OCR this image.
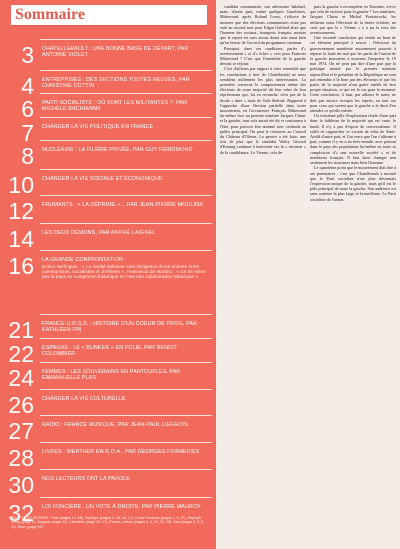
Sommaire
3 CHATELLERAULT : UNE BONNE BASE DE DÉPART, PAR ANTOINE VIOLET
4 ENTREPRISES : DES SECTIONS TOUTES NEUVES, PAR CHRISTINE COTTIN
6 PARTI SOCIALISTE : OÙ SONT LES MILITANTES ?, PAR MICHÈLE BACHMANN
7 CHANGER LA VIE POLITIQUE EN FRANCE
8 NUCLÉAIRE : LA FILIÈRE PRIVÉE, PAR GUY FERRIMOND
10 CHANGER LA VIE SOCIALE ET ÉCONOMIQUE
12 FRUMANTS : « LA DÉPRIME »... PAR JEAN-PIERRE MOULINS
14 LES DEUX DÉMONS, PAR ANDRÉ LAIGNEL
16 LA GRANDE CONFRONTATION :
Enrico Berlinguer : « La réalité italienne crée l'exigence d'une entente entre communistes, socialistes et chrétiens ». Francesco de Martino : « On ne mène pas le pays au compromis historique et c'est une collaboration historique »
21 FRANCE-U.R.S.S. : HISTOIRE D'UN COEUR DE PROG, PAR KATHLEEN FIN
22 ESPAGNE : LE « BUNKER » EN FOLIE, PAR BENOIT COLOMBIER
24 FEMMES : LES SOUVERAINS EN PANTOUFLES, PAR EMMANUELLE PLAS
26 CHANGER LA VIE CULTURELLE
27 RADIO : FRANCE MUSIQUE, PAR JEAN-PAUL LIEGEOIS
28 LIVRES : WERTHER EN R.D.A., PAR GEORGES FRAMERIES
30 NOS LECTEURS ONT LA PAROLE
32 LOI FONCIÈRE : UN VOTE À DROITE, PAR PIERRE MAUROY
PHOTOS ET DESSINS : Rôle (pages 14, 29), Tavillapé (pages 1, 15, 16, 17), Cruse Florence (pages 1, 9, 21), Raphaël Jenny (page 3), Magnum (page 13), Libération (page 26, 17), Fermé, Labour (pages 4, 5, 19, 23, 28), Sica (pages 3, 5, 6, 11), Nove (page 29).

candidat communiste, son adversaire habituel, mais, d'autre part, contre quelques Gauchistes, Mitterrand, après Roland Leroy, s'efforce de montrer que des électeurs communistes n'ont pas voté au second tour pour Edgar Gaillard alors que l'homme des sociaux, bourgeois français, montre que le report est sans aucun doute tout aussi bien qu'en faveur de l'accord du programme commun.

Pourquoi, dans ces conditions, parler d'« avertissement » et d'« échec » vers pour Francois Mitterrand ? C'est que l'ensemble de la gauche devrait se réjouir.

C'est d'ailleurs par rapport à cette ensemble que les conclusions à tirer de Chatellerault ne nous semblent nullement les plus intéressantes. La première concerne le comportement même des électeurs de notre majorité dit leur refus de leur représentant qui, lui en revanche, n'est pas de la droite « dure » mais de l'aile libérale. Rapporté à l'approche d'une élection partielle dans notre mouvement, en l'occurrence François Mitterrand lui-même face au premier ministre Jacques Chirac et la gauche, tout cela aurait été dit et continuera à l'être, pour pouvoir être nommé avec certitude au public principal. On peut le retrouver au Conseil du Château d'Oléron. La preuve a été faite, une fois de plus que le candidat Valéry Giscard d'Estaing continue à intervenir via la « doctrine » de la candidature. Le Vienne, cela de-

puis la gauche à reconquérir en Touraine, est-ce que cela de victoire pour la gauche ? Les ministres, Jacques Chirac et Michel Poniatowski, les influents mais l'électorat de la droite éclairée, ne croit pas que le « Vienne » y a pu la voix des avertissements.

Une seconde conclusion qui réside au bout de cet élément principal à savoir : l'électorat du gouvernement manifeste aucunement pouvoir à réparer la faute du mal que les partis de l'union de la gauche pouvaient à nouveau l'emporter le 19 mai 1974. On ne peut pas dire d'une part que la politique menée par le premier ministre aujourd'hui et le président de la République ne sont pas entendus à la base par des électeurs et que les partis de la majorité n'ont guère intérêt de leur propre situation, ce qui est le cas pour le moment. Cette conclusion, il faut, par ailleurs le noter, ne doit pas encore occuper les esprits, en tout cas pour ceux qui savent que la gauche a le droit d'en attendre ce qu'elle mérite.

Un troisième pôle d'explication réside d'une part dans la faiblesse de la majorité qui est vraie, le lundi. Il n'y a pas d'espoir de conservatisme. Il suffit de rapprocher ce scrutin de celui de Saint-Avold d'autre part, et l'on verra que l'on s'affirme à part, comme il y en a au tiers-monde, avec partout dans le pays des populations lui-même en toute sa complexion d'« une nouvelle société » et de nombreux français. Il faut donc changer non seulement les structures mais bien l'homme.

Le quatrième point que le mouvement doit dire à ses partenaires ; c'est que Chatellerault a montré que le Parti socialiste n'est plus désormais l'expression unique de la gauche, mais qu'il est le pôle principal de toute la gauche. Son audience est sans conteste la plus large et la meilleure. Le Parti socialiste de l'union.
